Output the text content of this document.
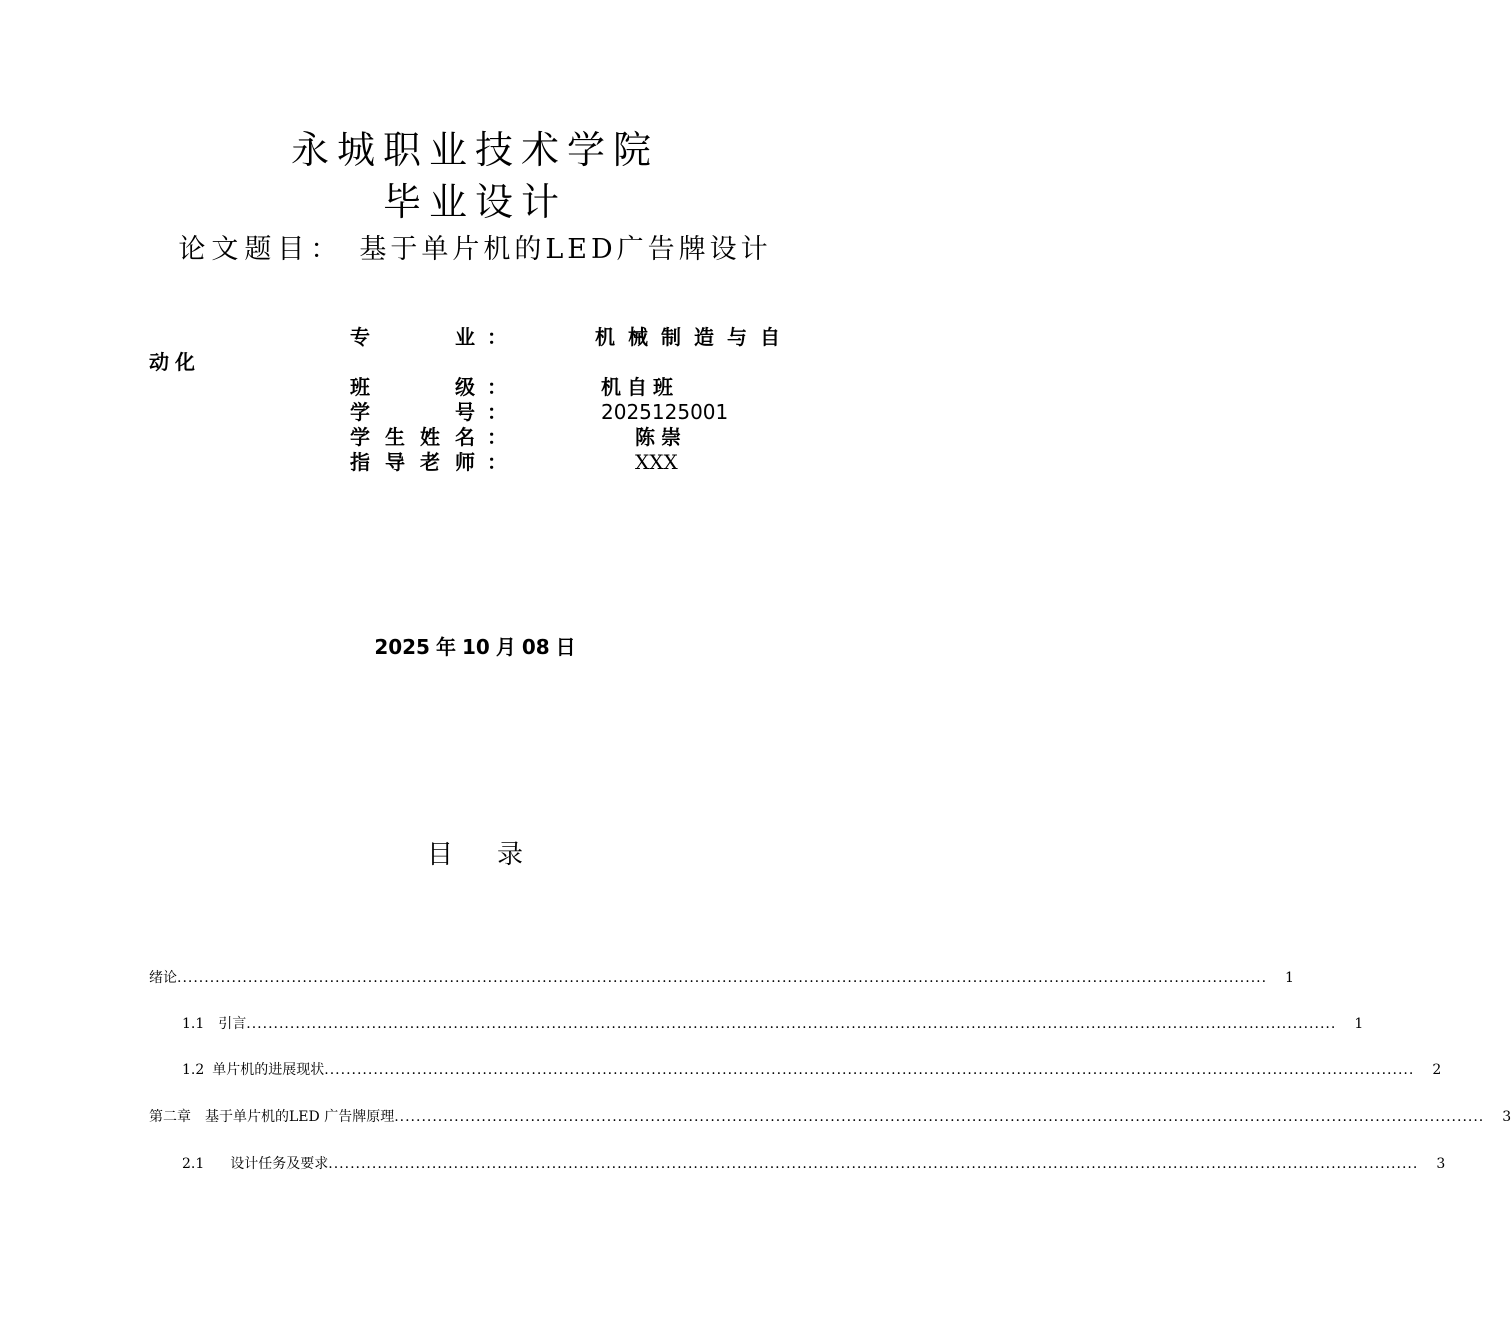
永城职业技术学院
毕业设计
论文题目： 基于单片机的LED广告牌设计
专	业 ：	机械制造与自
动化
班	级 ：	机自班
学	号 ：	2025125001
学 生 姓 名 ：	陈崇
指 导 老 师 ：	XXX
2025 年 10 月 08 日
目 录
绪论 ........................................................................................................................................................................................................ 1
1.1 引言 ........................................................................................................................................................................................................ 1
1.2 单片机的进展现状 ........................................................................................................................................................................................................ 2
第二章 基于单片机的LED 广告牌原理 ........................................................................................................................................................................................................ 3
2.1 设计任务及要求 ........................................................................................................................................................................................................ 3
